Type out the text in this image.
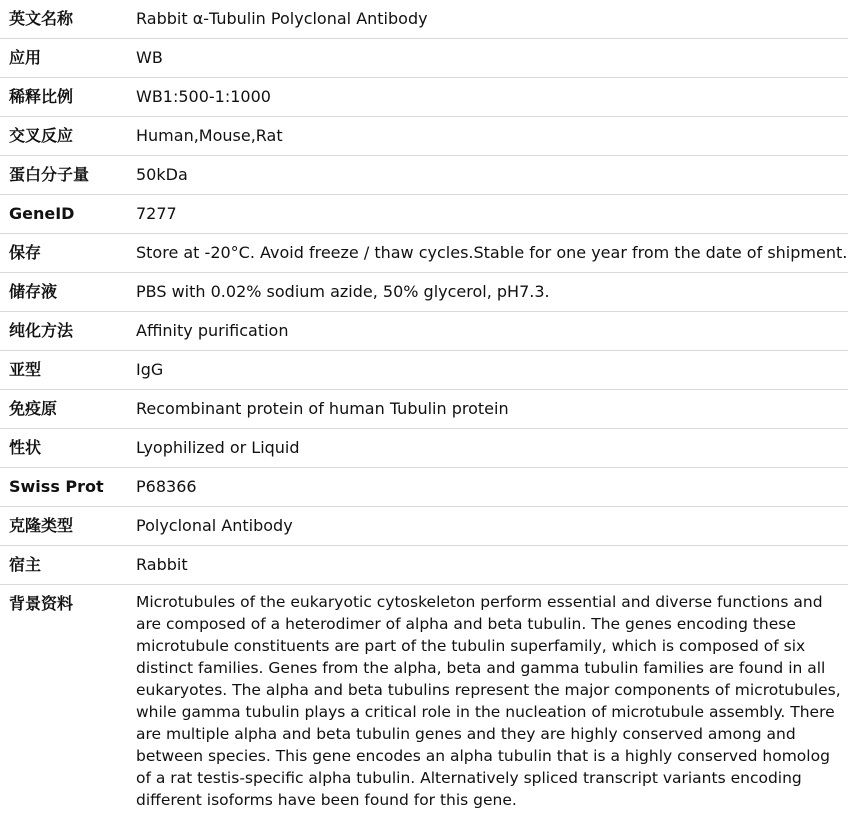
英文名称	Rabbit α-Tubulin Polyclonal Antibody
应用	WB
稀释比例	WB1:500-1:1000
交叉反应	Human,Mouse,Rat
蛋白分子量	50kDa
GeneID	7277
保存	Store at -20°C. Avoid freeze / thaw cycles.Stable for one year from the date of shipment.
储存液	PBS with 0.02% sodium azide, 50% glycerol, pH7.3.
纯化方法	Affinity purification
亚型	IgG
免疫原	Recombinant protein of human Tubulin protein
性状	Lyophilized or Liquid
Swiss Prot	P68366
克隆类型	Polyclonal Antibody
宿主	Rabbit
背景资料	Microtubules of the eukaryotic cytoskeleton perform essential and diverse functions and are composed of a heterodimer of alpha and beta tubulin. The genes encoding these microtubule constituents are part of the tubulin superfamily, which is composed of six distinct families. Genes from the alpha, beta and gamma tubulin families are found in all eukaryotes. The alpha and beta tubulins represent the major components of microtubules, while gamma tubulin plays a critical role in the nucleation of microtubule assembly. There are multiple alpha and beta tubulin genes and they are highly conserved among and between species. This gene encodes an alpha tubulin that is a highly conserved homolog of a rat testis-specific alpha tubulin. Alternatively spliced transcript variants encoding different isoforms have been found for this gene.
